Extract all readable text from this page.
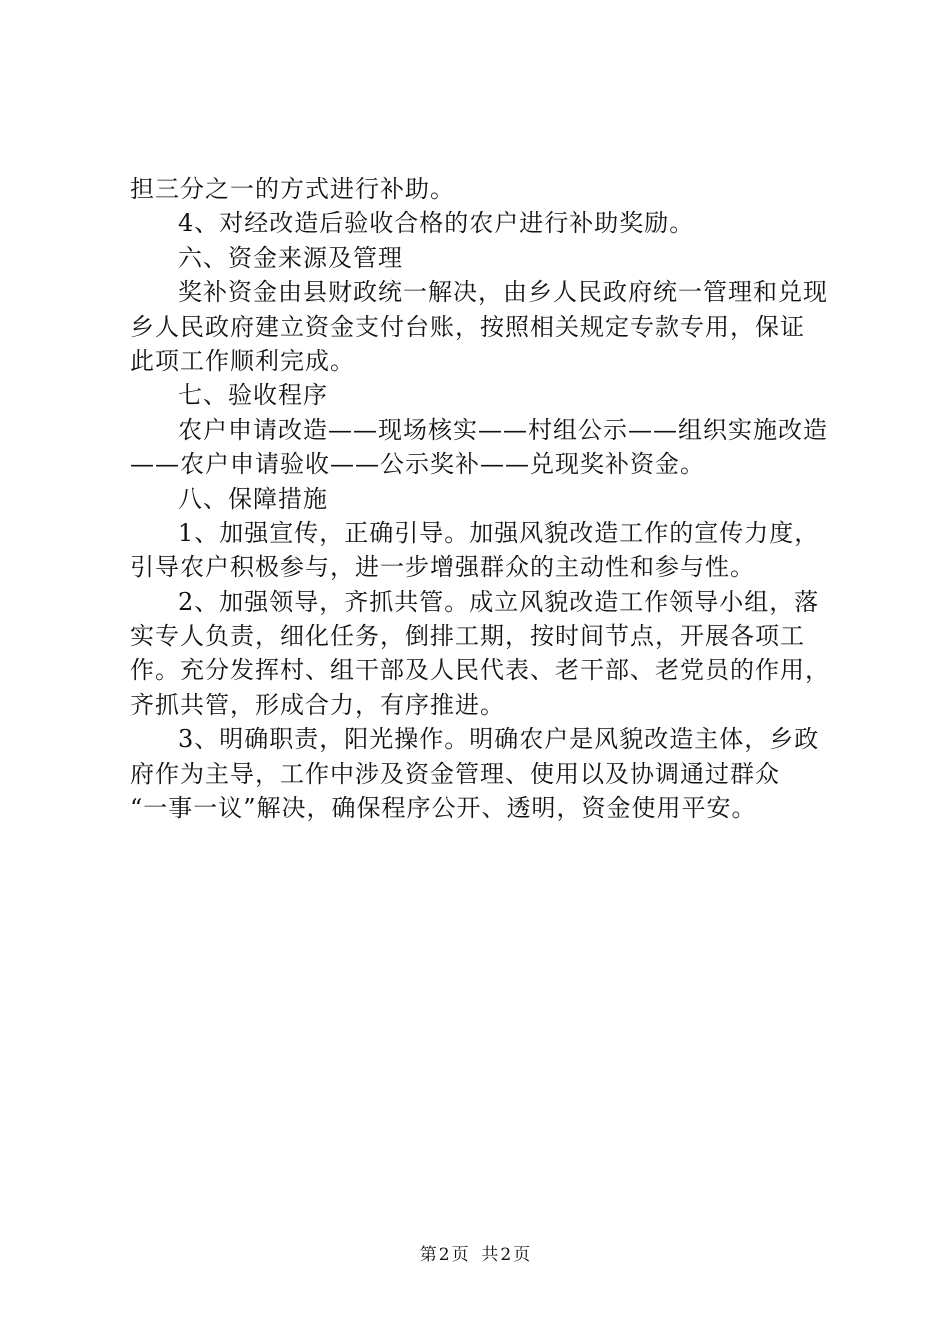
担三分之一的方式进行补助。
4、对经改造后验收合格的农户进行补助奖励。
六、资金来源及管理
奖补资金由县财政统一解决，由乡人民政府统一管理和兑现
乡人民政府建立资金支付台账，按照相关规定专款专用，保证
此项工作顺利完成。
七、验收程序
农户申请改造——现场核实——村组公示——组织实施改造
——农户申请验收——公示奖补——兑现奖补资金。
八、保障措施
1、加强宣传，正确引导。加强风貌改造工作的宣传力度，
引导农户积极参与，进一步增强群众的主动性和参与性。
2、加强领导，齐抓共管。成立风貌改造工作领导小组，落
实专人负责，细化任务，倒排工期，按时间节点，开展各项工
作。充分发挥村、组干部及人民代表、老干部、老党员的作用，
齐抓共管，形成合力，有序推进。
3、明确职责，阳光操作。明确农户是风貌改造主体，乡政
府作为主导，工作中涉及资金管理、使用以及协调通过群众
“一事一议”解决，确保程序公开、透明，资金使用平安。
第 2 页 共 2 页
